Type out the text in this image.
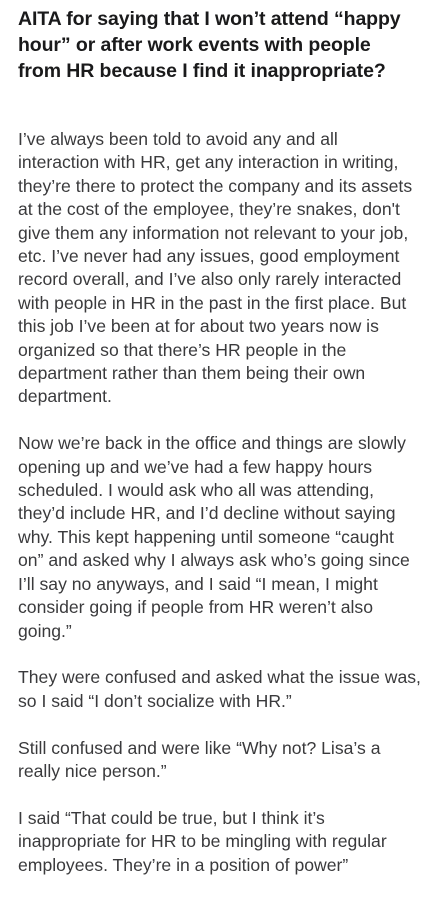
AITA for saying that I won’t attend “happy hour” or after work events with people from HR because I find it inappropriate?

I’ve always been told to avoid any and all interaction with HR, get any interaction in writing, they’re there to protect the company and its assets at the cost of the employee, they’re snakes, don't give them any information not relevant to your job, etc. I’ve never had any issues, good employment record overall, and I’ve also only rarely interacted with people in HR in the past in the first place. But this job I’ve been at for about two years now is organized so that there’s HR people in the department rather than them being their own department.

Now we’re back in the office and things are slowly opening up and we’ve had a few happy hours scheduled. I would ask who all was attending, they’d include HR, and I’d decline without saying why. This kept happening until someone “caught on” and asked why I always ask who’s going since I’ll say no anyways, and I said “I mean, I might consider going if people from HR weren’t also going.”

They were confused and asked what the issue was, so I said “I don’t socialize with HR.”

Still confused and were like “Why not? Lisa’s a really nice person.”

I said “That could be true, but I think it’s inappropriate for HR to be mingling with regular employees. They’re in a position of power”
